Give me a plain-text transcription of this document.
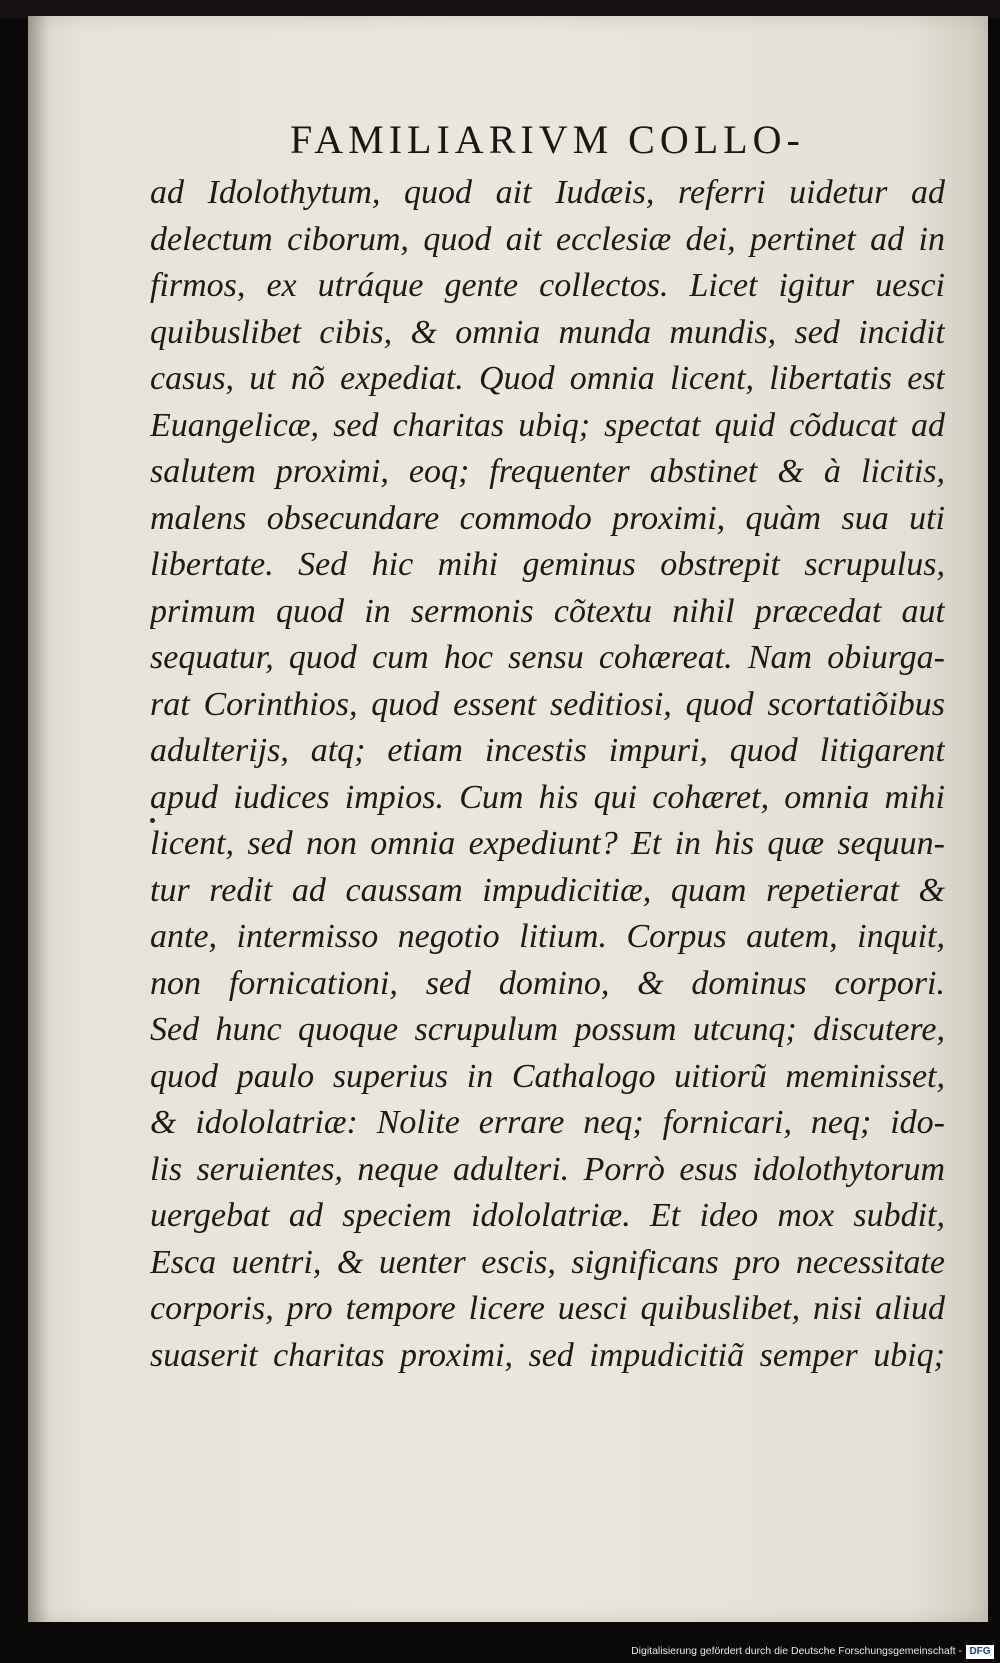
FAMILIARIVM COLLO-
ad Idolothytum, quod ait Iudæis, referri uidetur ad
delectum ciborum, quod ait ecclesiæ dei, pertinet ad in
firmos, ex utráque gente collectos. Licet igitur uesci
quibuslibet cibis, & omnia munda mundis, sed incidit
casus, ut nõ expediat. Quod omnia licent, libertatis est
Euangelicæ, sed charitas ubiq; spectat quid cõducat ad
salutem proximi, eoq; frequenter abstinet & à licitis,
malens obsecundare commodo proximi, quàm sua uti
libertate. Sed hic mihi geminus obstrepit scrupulus,
primum quod in sermonis cõtextu nihil præcedat aut
sequatur, quod cum hoc sensu cohæreat. Nam obiurga-
rat Corinthios, quod essent seditiosi, quod scortatiõibus
adulterijs, atq; etiam incestis impuri, quod litigarent
apud iudices impios. Cum his qui cohæret, omnia mihi
licent, sed non omnia expediunt? Et in his quæ sequun-
tur redit ad caussam impudicitiæ, quam repetierat &
ante, intermisso negotio litium. Corpus autem, inquit,
non fornicationi, sed domino, & dominus corpori.
Sed hunc quoque scrupulum possum utcunq; discutere,
quod paulo superius in Cathalogo uitiorũ meminisset,
& idololatriæ: Nolite errare neq; fornicari, neq; ido-
lis seruientes, neque adulteri. Porrò esus idolothytorum
uergebat ad speciem idololatriæ. Et ideo mox subdit,
Esca uentri, & uenter escis, significans pro necessitate
corporis, pro tempore licere uesci quibuslibet, nisi aliud
suaserit charitas proximi, sed impudicitiã semper ubiq;
Digitalisierung gefördert durch die Deutsche Forschungsgemeinschaft - DFG
